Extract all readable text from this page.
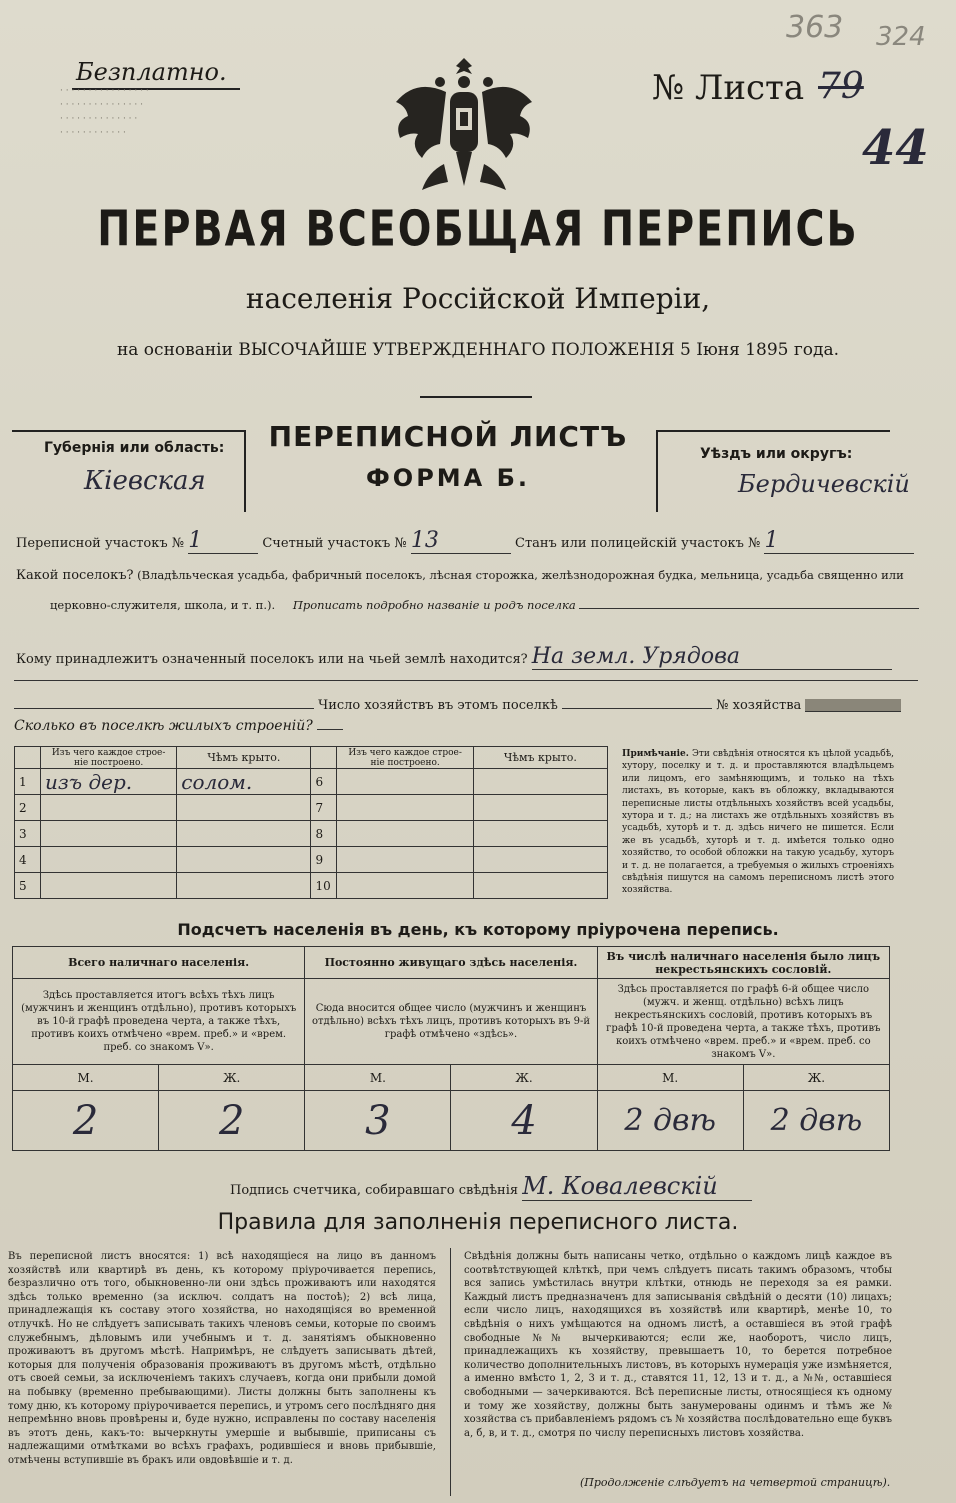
Безплатно.
· · · · · · · · · · · · · · · ·
· · · · · · · · · · · · · · ·
· · · · · · · · · · · · · ·
· · · · · · · · · · · ·
№ Листа 79
363 324
44
ПЕРВАЯ ВСЕОБЩАЯ ПЕРЕПИСЬ
населенія Россійской Имперіи,
на основаніи ВЫСОЧАЙШЕ УТВЕРЖДЕННАГО ПОЛОЖЕНІЯ 5 Іюня 1895 года.
Губернія или область:
Кіевская
Уѣздъ или округъ:
Бердичевскій
ПЕРЕПИСНОЙ ЛИСТЪ
ФОРМА Б.
Переписной участокъ № 1	Счетный участокъ № 13	Станъ или полицейскій участокъ № 1
Какой поселокъ? (Владѣльческая усадьба, фабричный поселокъ, лѣсная сторожка, желѣзнодорожная будка, мельница, усадьба священно или
церковно-служителя, школа, и т. п.). Прописать подробно названіе и родъ поселка
Кому принадлежитъ означенный поселокъ или на чьей землѣ находится? На земл. Урядова
Число хозяйствъ въ этомъ поселкѣ	№ хозяйства
Сколько въ поселкѣ жилыхъ строеній?
	Изъ чего каждое строе-ніе построено.	Чѣмъ крыто.		Изъ чего каждое строе-ніе построено.	Чѣмъ крыто.
1	изъ дер.	солом.	6		
2			7		
3			8		
4			9		
5			10		
Примѣчаніе. Эти свѣдѣнія относятся къ цѣлой усадьбѣ, хутору, поселку и т. д. и проставляются владѣльцемъ или лицомъ, его замѣняющимъ, и только на тѣхъ листахъ, въ которые, какъ въ обложку, вкладываются переписные листы отдѣльныхъ хозяйствъ всей усадьбы, хутора и т. д.; на листахъ же отдѣльныхъ хозяйствъ въ усадьбѣ, хуторѣ и т. д. здѣсь ничего не пишется. Если же въ усадьбѣ, хуторѣ и т. д. имѣется только одно хозяйство, то особой обложки на такую усадьбу, хуторъ и т. д. не полагается, а требуемыя о жилыхъ строеніяхъ свѣдѣнія пишутся на самомъ переписномъ листѣ этого хозяйства.
Подсчетъ населенія въ день, къ которому пріурочена перепись.
Всего наличнаго населенія.		Постоянно живущаго здѣсь населенія.		Въ числѣ наличнаго населенія было лицъ некрестьянскихъ сословій.	
Здѣсь проставляется итогъ всѣхъ тѣхъ лицъ (мужчинъ и женщинъ отдѣльно), противъ которыхъ въ 10-й графѣ проведена черта, а также тѣхъ, противъ коихъ отмѣчено «врем. преб.» и «врем. преб. со знакомъ V».		Сюда вносится общее число (мужчинъ и женщинъ отдѣльно) всѣхъ тѣхъ лицъ, противъ которыхъ въ 9-й графѣ отмѣчено «здѣсь».		Здѣсь проставляется по графѣ 6-й общее число (мужч. и женщ. отдѣльно) всѣхъ лицъ некрестьянскихъ сословій, противъ которыхъ въ графѣ 10-й проведена черта, а также тѣхъ, противъ коихъ отмѣчено «врем. преб.» и «врем. преб. со знакомъ V».	
М.	Ж.	М.	Ж.	М.	Ж.
2	2	3	4	2 двѣ	2 двѣ
Подпись счетчика, собиравшаго свѣдѣнія М. Ковалевскій
Правила для заполненія переписного листа.
Въ переписной листъ вносятся: 1) всѣ находящіеся на лицо въ данномъ хозяйствѣ или квартирѣ въ день, къ которому пріурочивается перепись, безразлично отъ того, обыкновенно-ли они здѣсь проживаютъ или находятся здѣсь только временно (за исключ. солдатъ на постоѣ); 2) всѣ лица, принадлежащія къ составу этого хозяйства, но находящіяся во временной отлучкѣ. Но не слѣдуетъ записывать такихъ членовъ семьи, которые по своимъ служебнымъ, дѣловымъ или учебнымъ и т. д. занятіямъ обыкновенно проживаютъ въ другомъ мѣстѣ. Напримѣръ, не слѣдуетъ записывать дѣтей, которыя для полученія образованія проживаютъ въ другомъ мѣстѣ, отдѣльно отъ своей семьи, за исключеніемъ такихъ случаевъ, когда они прибыли домой на побывку (временно пребывающими). Листы должны быть заполнены къ тому дню, къ которому пріурочивается перепись, и утромъ сего послѣдняго дня непремѣнно вновь провѣрены и, буде нужно, исправлены по составу населенія въ этотъ день, какъ-то: вычеркнуты умершіе и выбывшіе, приписаны съ надлежащими отмѣтками во всѣхъ графахъ, родившіеся и вновь прибывшіе, отмѣчены вступившіе въ бракъ или овдовѣвшіе и т. д.
Свѣдѣнія должны быть написаны четко, отдѣльно о каждомъ лицѣ каждое въ соотвѣтствующей клѣткѣ, при чемъ слѣдуетъ писать такимъ образомъ, чтобы вся запись умѣстилась внутри клѣтки, отнюдь не переходя за ея рамки. Каждый листъ предназначенъ для записыванія свѣдѣній о десяти (10) лицахъ; если число лицъ, находящихся въ хозяйствѣ или квартирѣ, менѣе 10, то свѣдѣнія о нихъ умѣщаются на одномъ листѣ, а оставшіеся въ этой графѣ свободные №№ вычеркиваются; если же, наоборотъ, число лицъ, принадлежащихъ къ хозяйству, превышаетъ 10, то берется потребное количество дополнительныхъ листовъ, въ которыхъ нумерація уже измѣняется, а именно вмѣсто 1, 2, 3 и т. д., ставятся 11, 12, 13 и т. д., а №№, оставшіеся свободными — зачеркиваются. Всѣ переписные листы, относящіеся къ одному и тому же хозяйству, должны быть занумерованы одинмъ и тѣмъ же № хозяйства съ прибавленіемъ рядомъ съ № хозяйства послѣдовательно еще буквъ а, б, в, и т. д., смотря по числу переписныхъ листовъ хозяйства.
(Продолженіе слѣдуетъ на четвертой страницѣ).
